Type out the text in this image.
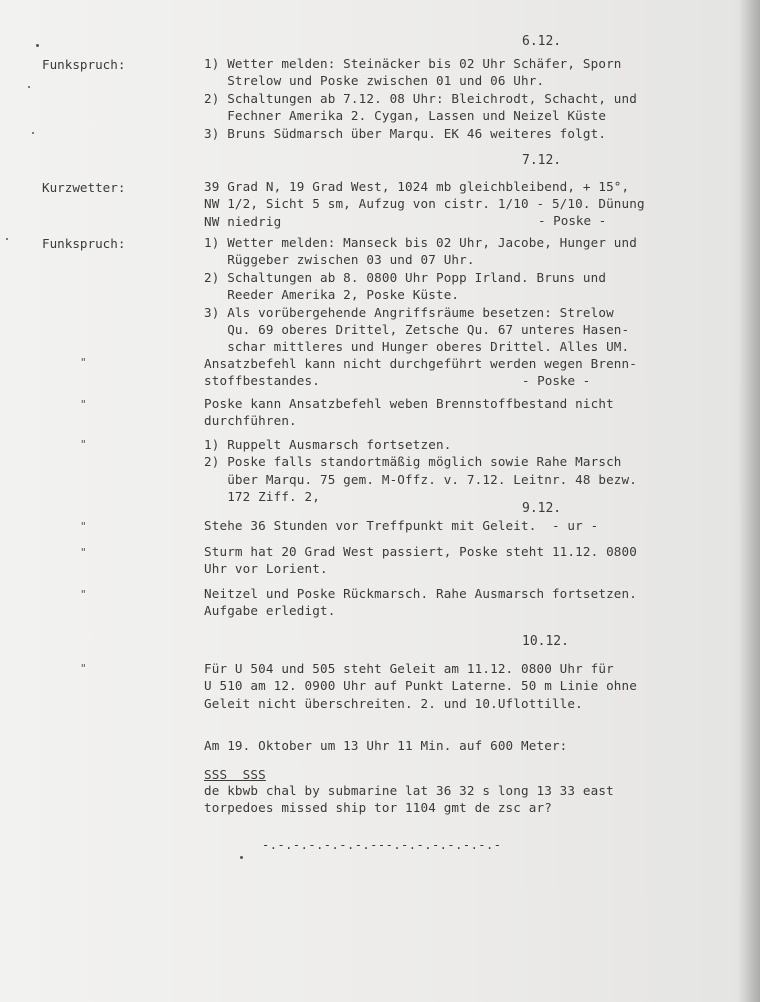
6.12.
Funkspruch:	1) Wetter melden: Steinäcker bis 02 Uhr Schäfer, Sporn
Strelow und Poske zwischen 01 und 06 Uhr.
2) Schaltungen ab 7.12. 08 Uhr: Bleichrodt, Schacht, und
Fechner Amerika 2. Cygan, Lassen und Neizel Küste
3) Bruns Südmarsch über Marqu. EK 46 weiteres folgt.
7.12.
Kurzwetter:	39 Grad N, 19 Grad West, 1024 mb gleichbleibend, + 15°,
NW 1/2, Sicht 5 sm, Aufzug von cistr. 1/10 - 5/10. Dünung
NW niedrig	- Poske -
Funkspruch:	1) Wetter melden: Manseck bis 02 Uhr, Jacobe, Hunger und
Rüggeber zwischen 03 und 07 Uhr.
2) Schaltungen ab 8. 0800 Uhr Popp Irland. Bruns und
Reeder Amerika 2, Poske Küste.
3) Als vorübergehende Angriffsräume besetzen: Strelow
Qu. 69 oberes Drittel, Zetsche Qu. 67 unteres Hasen-
schar mittleres und Hunger oberes Drittel. Alles UM.
"	Ansatzbefehl kann nicht durchgeführt werden wegen Brenn-
stoffbestandes.	- Poske -
"	Poske kann Ansatzbefehl weben Brennstoffbestand nicht
durchführen.
"	1) Ruppelt Ausmarsch fortsetzen.
2) Poske falls standortmäßig möglich sowie Rahe Marsch
über Marqu. 75 gem. M-Offz. v. 7.12. Leitnr. 48 bezw.
172 Ziff. 2,
9.12.
"	Stehe 36 Stunden vor Treffpunkt mit Geleit.  - ur -
"	Sturm hat 20 Grad West passiert, Poske steht 11.12. 0800
Uhr vor Lorient.
"	Neitzel und Poske Rückmarsch. Rahe Ausmarsch fortsetzen.
Aufgabe erledigt.
10.12.
"	Für U 504 und 505 steht Geleit am 11.12. 0800 Uhr für
U 510 am 12. 0900 Uhr auf Punkt Laterne. 50 m Linie ohne
Geleit nicht überschreiten. 2. und 10.Uflottille.
Am 19. Oktober um 13 Uhr 11 Min. auf 600 Meter:
SSS  SSS
de kbwb chal by submarine lat 36 32 s long 13 33 east
torpedoes missed ship tor 1104 gmt de zsc ar?
-.-.-.-.-.-.-.---.-.-.-.-.-.-.-
